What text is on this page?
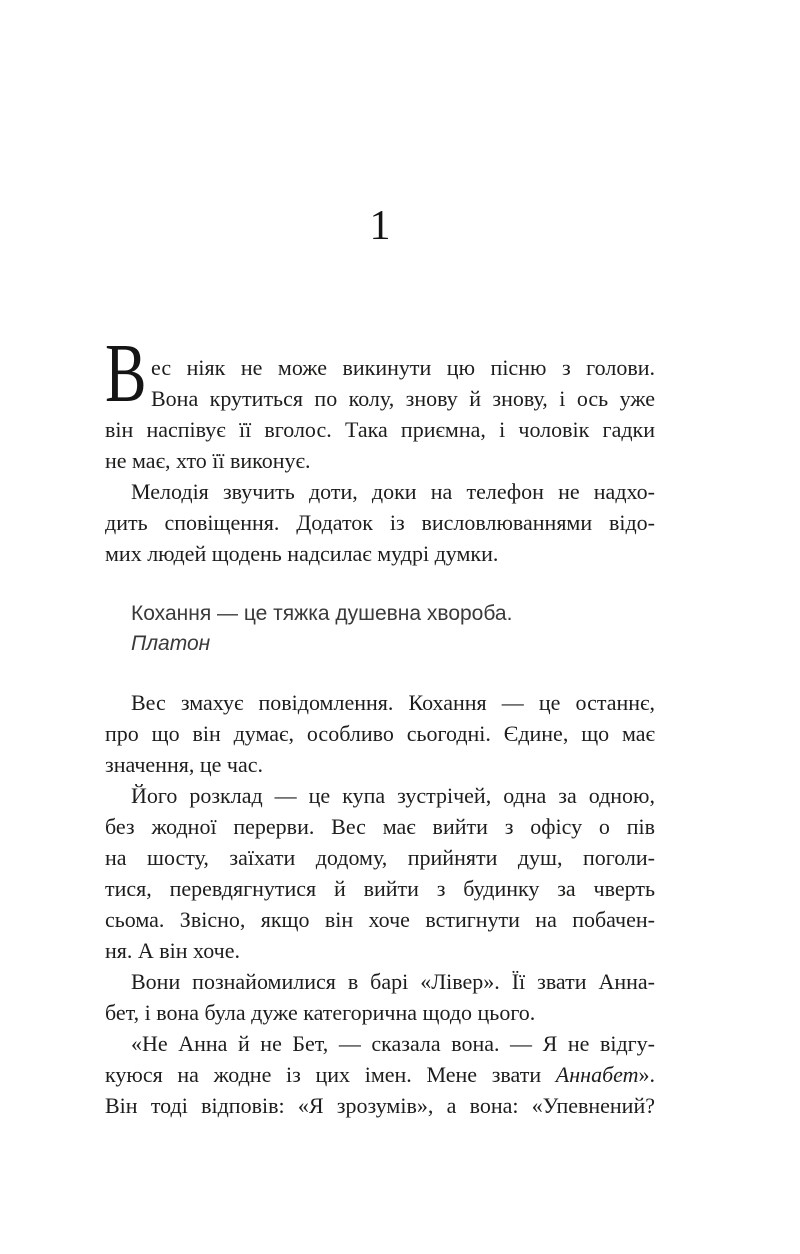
1
В ес ніяк не може викинути цю пісню з голови.
Вона крутиться по колу, знову й знову, і ось уже
він наспівує її вголос. Така приємна, і чоловік гадки
не має, хто її виконує.
Мелодія звучить доти, доки на телефон не надхо-
дить сповіщення. Додаток із висловлюваннями відо-
мих людей щодень надсилає мудрі думки.
Кохання — це тяжка душевна хвороба.
Платон
Вес змахує повідомлення. Кохання — це останнє,
про що він думає, особливо сьогодні. Єдине, що має
значення, це час.
Його розклад — це купа зустрічей, одна за одною,
без жодної перерви. Вес має вийти з офісу о пів
на шосту, заїхати додому, прийняти душ, поголи-
тися, перевдягнутися й вийти з будинку за чверть
сьома. Звісно, якщо він хоче встигнути на побачен-
ня. А він хоче.
Вони познайомилися в барі «Лівер». Її звати Анна-
бет, і вона була дуже категорична щодо цього.
«Не Анна й не Бет, — сказала вона. — Я не відгу-
куюся на жодне із цих імен. Мене звати Аннабет».
Він тоді відповів: «Я зрозумів», а вона: «Упевнений?
